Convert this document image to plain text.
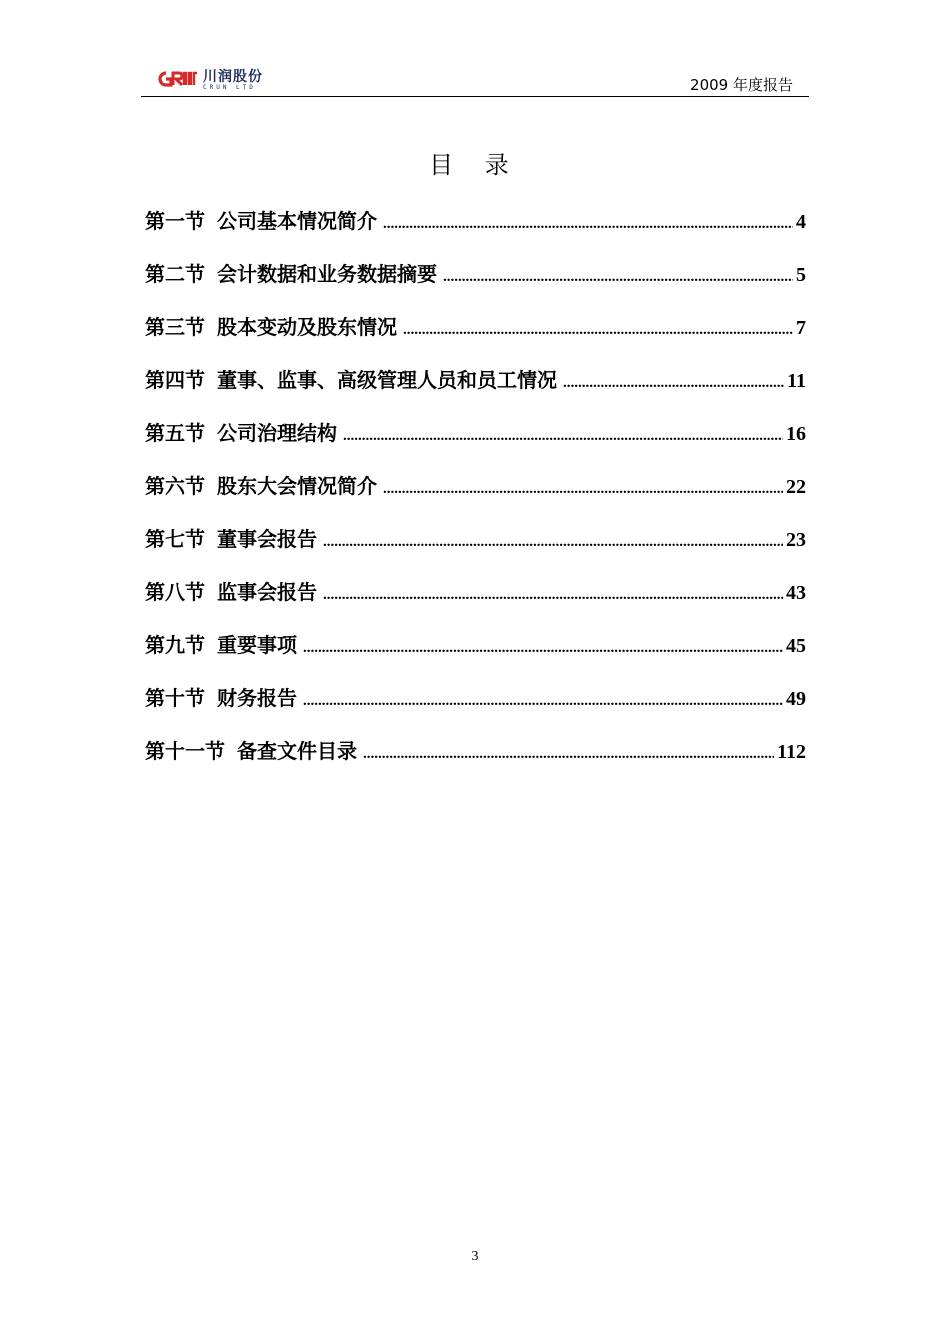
川润股份
CRUN LTD	2009 年度报告
目 录
第一节 公司基本情况简介 .....	4
第二节 会计数据和业务数据摘要 .....	5
第三节 股本变动及股东情况 .....	7
第四节 董事、监事、高级管理人员和员工情况 .....	11
第五节 公司治理结构 .....	16
第六节 股东大会情况简介 .....	22
第七节 董事会报告 .....	23
第八节 监事会报告 .....	43
第九节 重要事项 .....	45
第十节 财务报告 .....	49
第十一节 备查文件目录 .....	112
3
